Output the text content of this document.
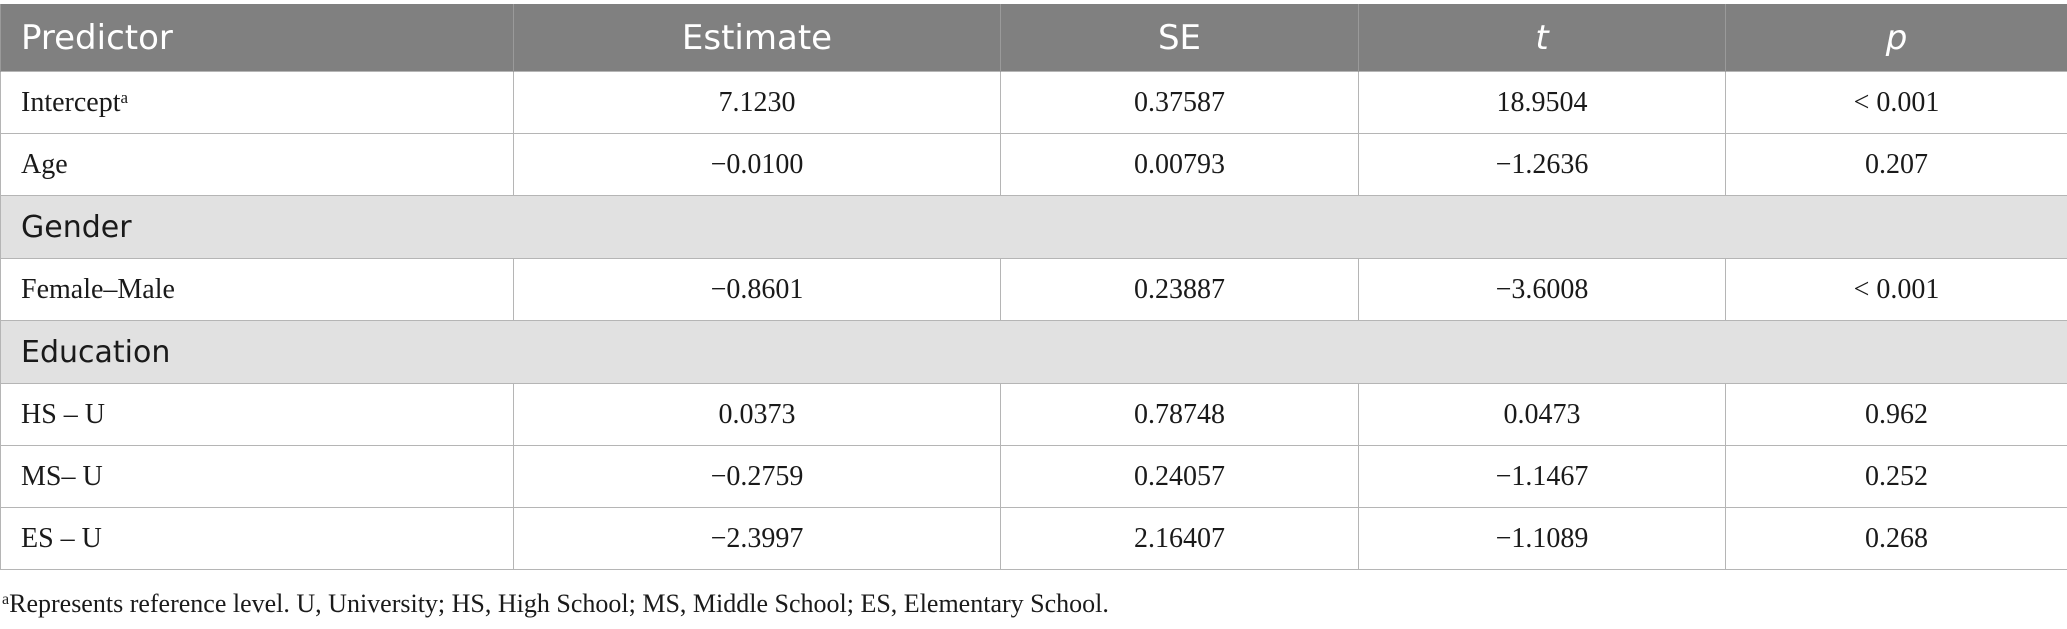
Predictor	Estimate	SE	t	p
Intercept$^a$	7.1230	0.37587	18.9504	< 0.001
Age	−0.0100	0.00793	−1.2636	0.207
Gender				
Female–Male	−0.8601	0.23887	−3.6008	< 0.001
Education				
HS – U	0.0373	0.78748	0.0473	0.962
MS– U	−0.2759	0.24057	−1.1467	0.252
ES – U	−2.3997	2.16407	−1.1089	0.268
$^a$Represents reference level. U, University; HS, High School; MS, Middle School; ES, Elementary School.
